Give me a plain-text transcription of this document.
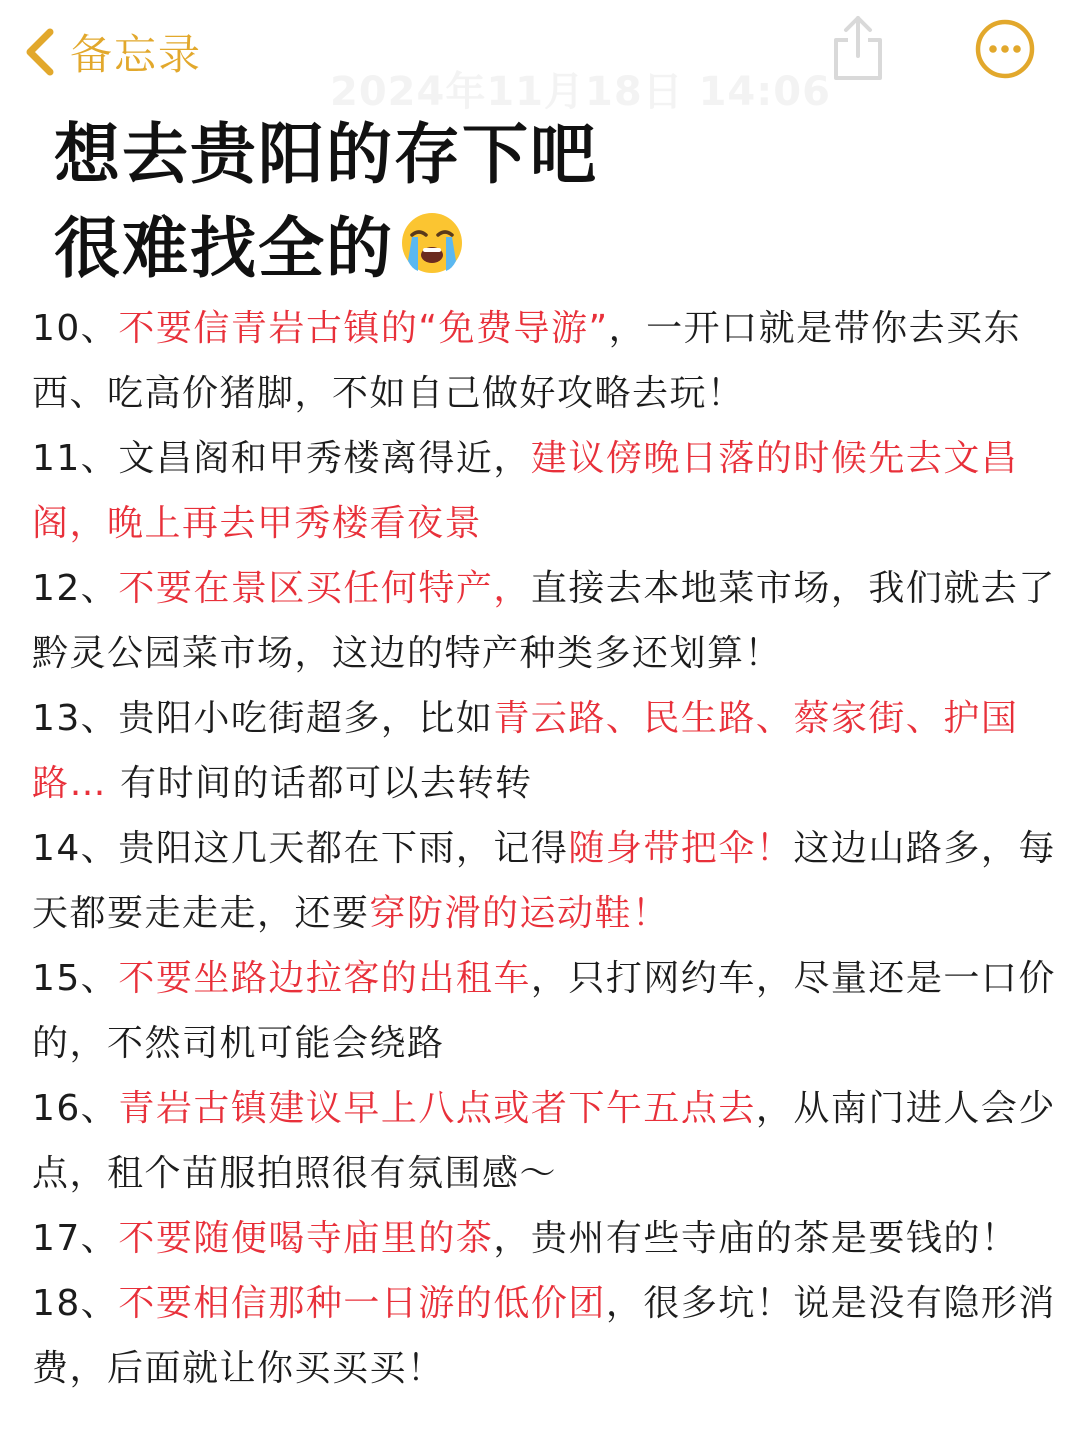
备忘录
2024年11月18日 14:06
想去贵阳的存下吧
很难找全的

10、不要信青岩古镇的“免费导游”，一开口就是带你去买东西、吃高价猪脚，不如自己做好攻略去玩！

11、文昌阁和甲秀楼离得近，建议傍晚日落的时候先去文昌阁，晚上再去甲秀楼看夜景

12、不要在景区买任何特产，直接去本地菜市场，我们就去了黔灵公园菜市场，这边的特产种类多还划算！

13、贵阳小吃街超多，比如青云路、民生路、蔡家街、护国路… 有时间的话都可以去转转

14、贵阳这几天都在下雨，记得随身带把伞！这边山路多，每天都要走走走，还要穿防滑的运动鞋！

15、不要坐路边拉客的出租车，只打网约车，尽量还是一口价的，不然司机可能会绕路

16、青岩古镇建议早上八点或者下午五点去，从南门进人会少点，租个苗服拍照很有氛围感～

17、不要随便喝寺庙里的茶，贵州有些寺庙的茶是要钱的！

18、不要相信那种一日游的低价团，很多坑！说是没有隐形消费，后面就让你买买买！
